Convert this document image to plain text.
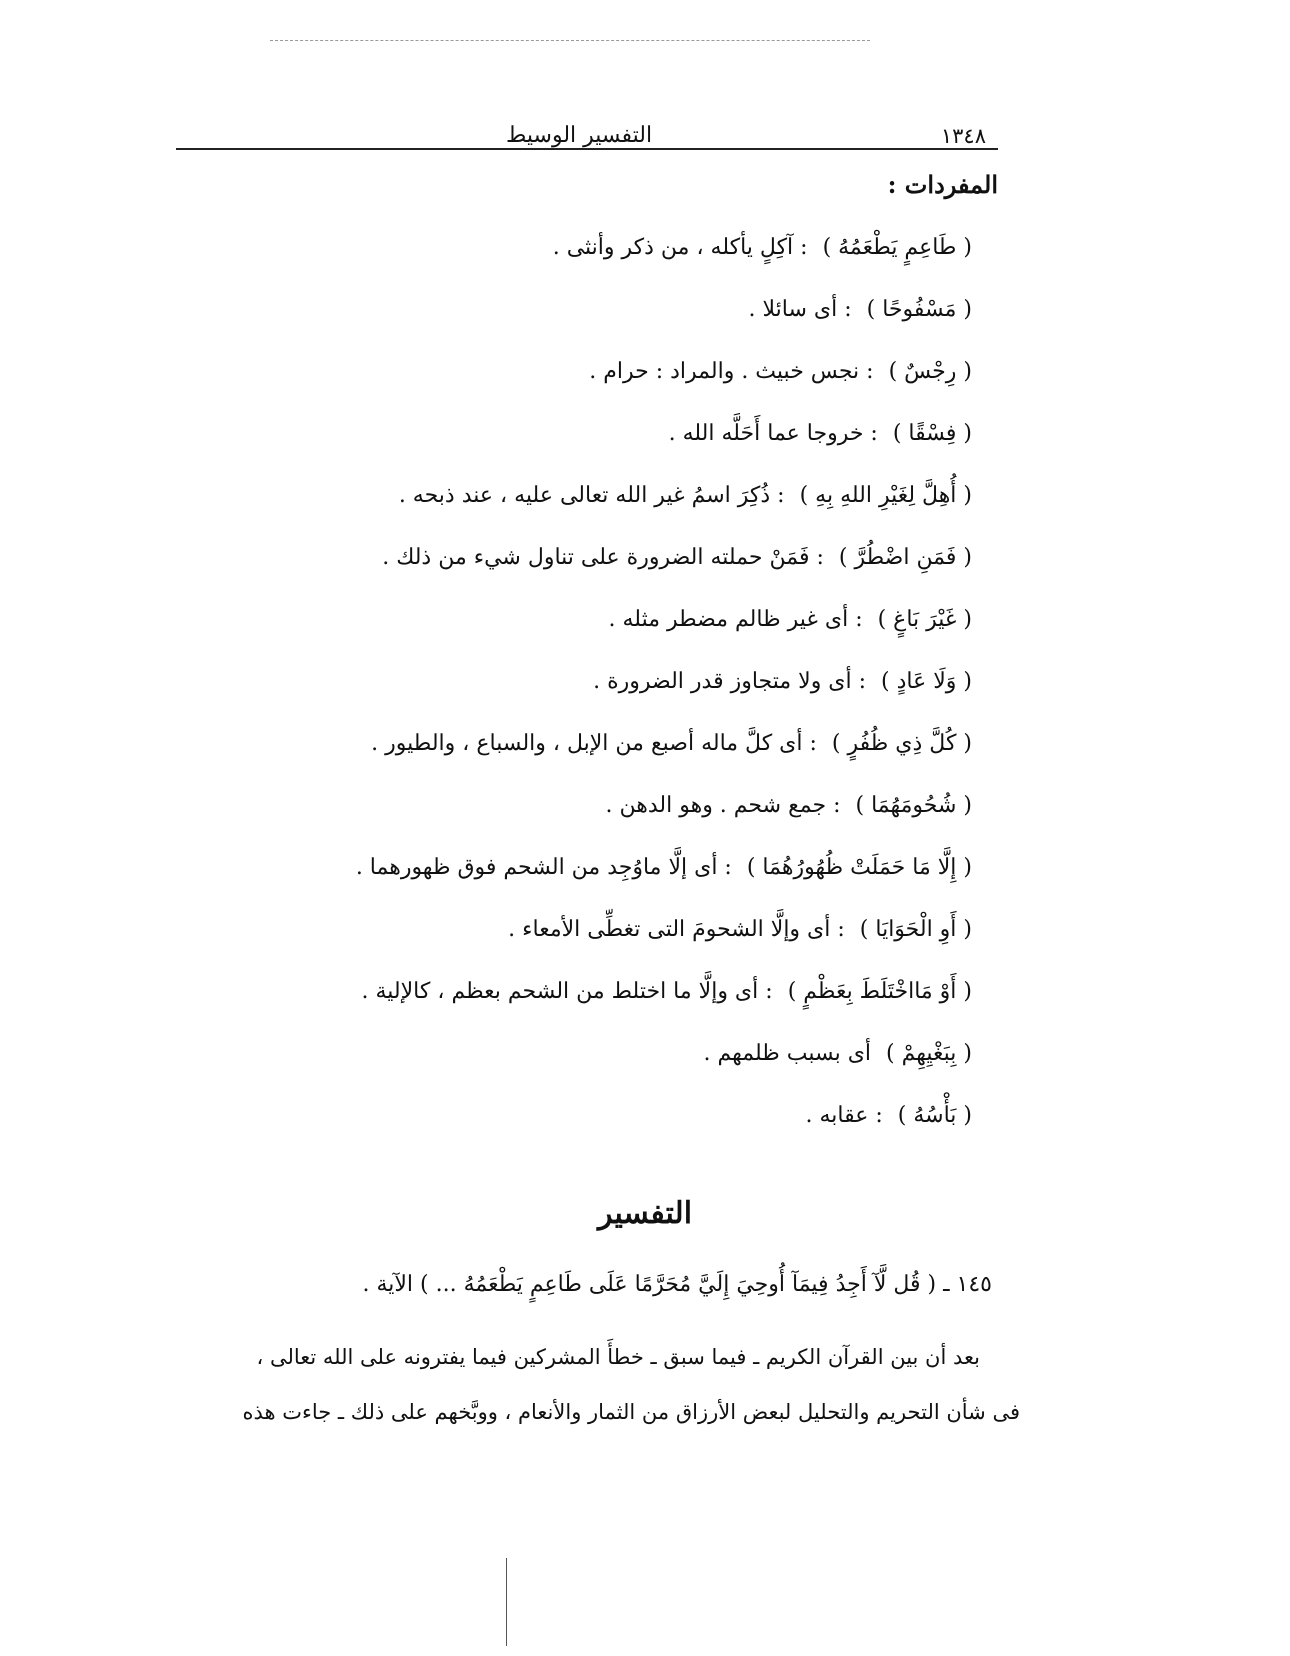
١٣٤٨
التفسير الوسيط
المفردات :
( طَاعِمٍ يَطْعَمُهُ ) : آكِلٍ يأكله ، من ذكر وأنثى .
( مَسْفُوحًا ) : أى سائلا .
( رِجْسٌ ) : نجس خبيث . والمراد : حرام .
( فِسْقًا ) : خروجا عما أَحَلَّه الله .
( أُهِلَّ لِغَيْرِ اللهِ بِهِ ) : ذُكِرَ اسمُ غير الله تعالى عليه ، عند ذبحه .
( فَمَنِ اضْطُرَّ ) : فَمَنْ حملته الضرورة على تناول شيء من ذلك .
( غَيْرَ بَاغٍ ) : أى غير ظالم مضطر مثله .
( وَلَا عَادٍ ) : أى ولا متجاوز قدر الضرورة .
( كُلَّ ذِي ظُفُرٍ ) : أى كلَّ ماله أصبع من الإبل ، والسباع ، والطيور .
( شُحُومَهُمَا ) : جمع شحم . وهو الدهن .
( إِلَّا مَا حَمَلَتْ ظُهُورُهُمَا ) : أى إلَّا ماوُجِد من الشحم فوق ظهورهما .
( أَوِ الْحَوَايَا ) : أى وإلَّا الشحومَ التى تغطِّى الأمعاء .
( أَوْ مَااخْتَلَطَ بِعَظْمٍ ) : أى وإلَّا ما اختلط من الشحم بعظم ، كالإلية .
( بِبَغْيِهِمْ ) أى بسبب ظلمهم .
( بَأْسُهُ ) : عقابه .
التفسير
١٤٥ ـ ( قُل لَّآ أَجِدُ فِيمَآ أُوحِيَ إِلَيَّ مُحَرَّمًا عَلَى طَاعِمٍ يَطْعَمُهُ ... ) الآية .
بعد أن بين القرآن الكريم ـ فيما سبق ـ خطأَ المشركين فيما يفترونه على الله تعالى ،
فى شأن التحريم والتحليل لبعض الأرزاق من الثمار والأنعام ، ووبَّخهم على ذلك ـ جاءت هذه
